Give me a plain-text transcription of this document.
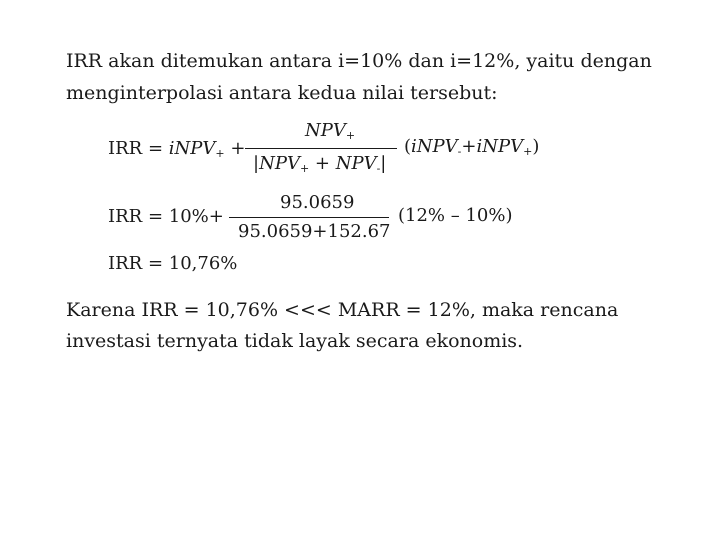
IRR akan ditemukan antara i=10% dan i=12%, yaitu dengan
menginterpolasi antara kedua nilai tersebut:
IRR = iNPV$_+$ +
$NPV_+$
$|NPV_+ + NPV_-|$
(iNPV$_-$+iNPV$_+$)
IRR = 10%+
95.0659
95.0659+152.67
(12% – 10%)
IRR = 10,76%
Karena IRR = 10,76% <<< MARR = 12%, maka rencana
investasi ternyata tidak layak secara ekonomis.
